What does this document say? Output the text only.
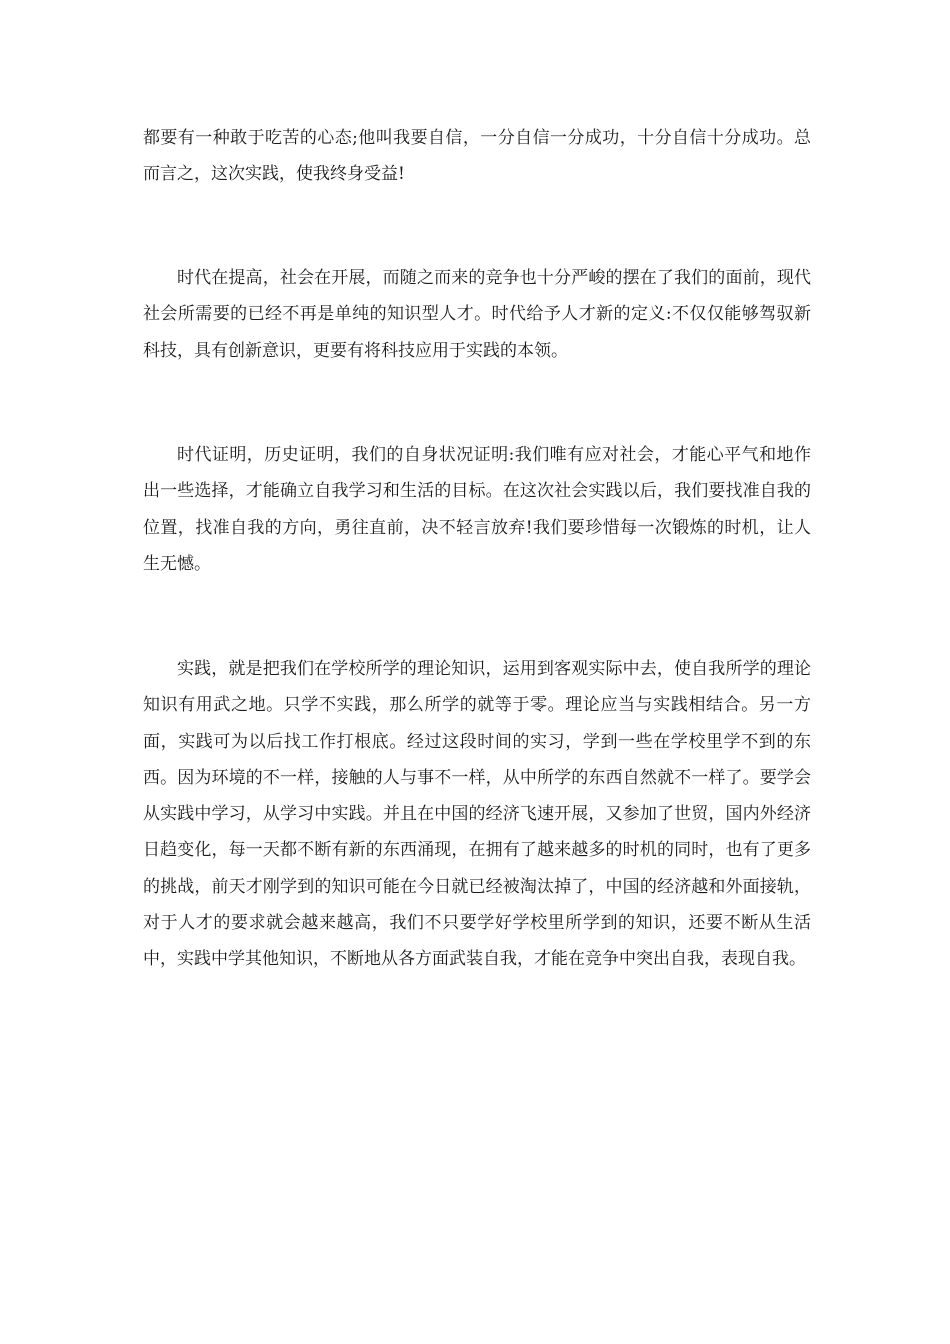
都要有一种敢于吃苦的心态;他叫我要自信，一分自信一分成功，十分自信十分成功。总而言之，这次实践，使我终身受益!

时代在提高，社会在开展，而随之而来的竞争也十分严峻的摆在了我们的面前，现代社会所需要的已经不再是单纯的知识型人才。时代给予人才新的定义:不仅仅能够驾驭新科技，具有创新意识，更要有将科技应用于实践的本领。

时代证明，历史证明，我们的自身状况证明:我们唯有应对社会，才能心平气和地作出一些选择，才能确立自我学习和生活的目标。在这次社会实践以后，我们要找准自我的位置，找准自我的方向，勇往直前，决不轻言放弃!我们要珍惜每一次锻炼的时机，让人生无憾。

实践，就是把我们在学校所学的理论知识，运用到客观实际中去，使自我所学的理论知识有用武之地。只学不实践，那么所学的就等于零。理论应当与实践相结合。另一方面，实践可为以后找工作打根底。经过这段时间的实习，学到一些在学校里学不到的东西。因为环境的不一样，接触的人与事不一样，从中所学的东西自然就不一样了。要学会从实践中学习，从学习中实践。并且在中国的经济飞速开展，又参加了世贸，国内外经济日趋变化，每一天都不断有新的东西涌现，在拥有了越来越多的时机的同时，也有了更多的挑战，前天才刚学到的知识可能在今日就已经被淘汰掉了，中国的经济越和外面接轨，对于人才的要求就会越来越高，我们不只要学好学校里所学到的知识，还要不断从生活中，实践中学其他知识，不断地从各方面武装自我，才能在竞争中突出自我，表现自我。
